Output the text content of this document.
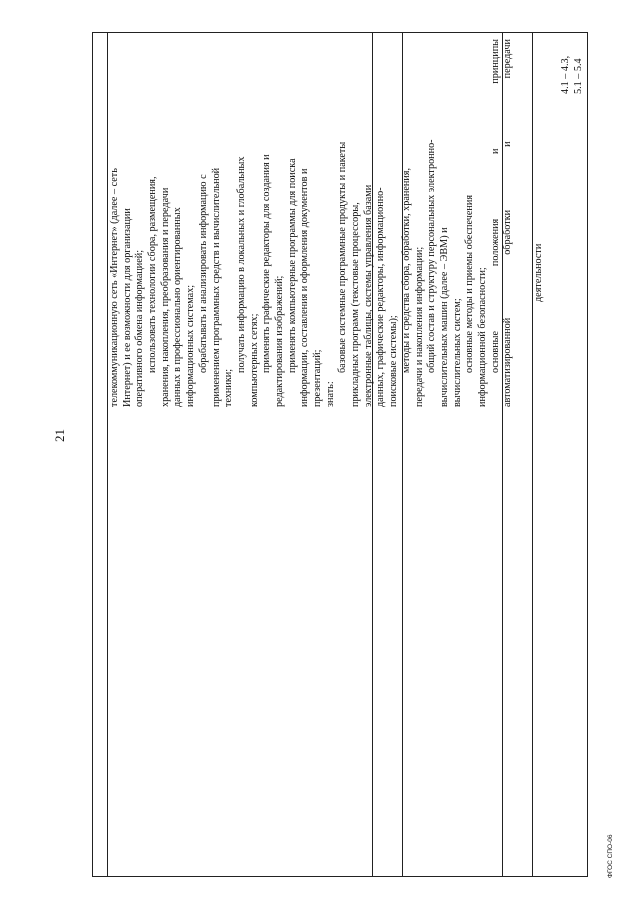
21
ФГОС СПО-06
телекоммуникационную сеть «Интернет» (далее – сеть Интернет) и ее возможности для организации оперативного обмена информацией; использовать технологии сбора, размещения, хранения, накопления, преобразования и передачи данных в профессионально ориентированных информационных системах; обрабатывать и анализировать информацию с применением программных средств и вычислительной техники;
получать информацию в локальных и глобальных компьютерных сетях; применять графические редакторы для создания и редактирования изображений; применять компьютерные программы для поиска информации, составления и оформления документов и презентаций; знать:
базовые системные программные продукты и пакеты прикладных программ (текстовые процессоры, электронные таблицы, системы управления базами данных, графические редакторы, информационно- поисковые системы); методы и средства сбора, обработки, хранения, передачи и накопления информации; общий состав и структуру персональных электронно- вычислительных машин (далее – ЭВМ) и вычислительных систем; основные методы и приемы обеспечения информационной безопасности; основные положения и принципы автоматизированной обработки и передачи деятельности
4.1 – 4.3, 5.1 – 5.4
